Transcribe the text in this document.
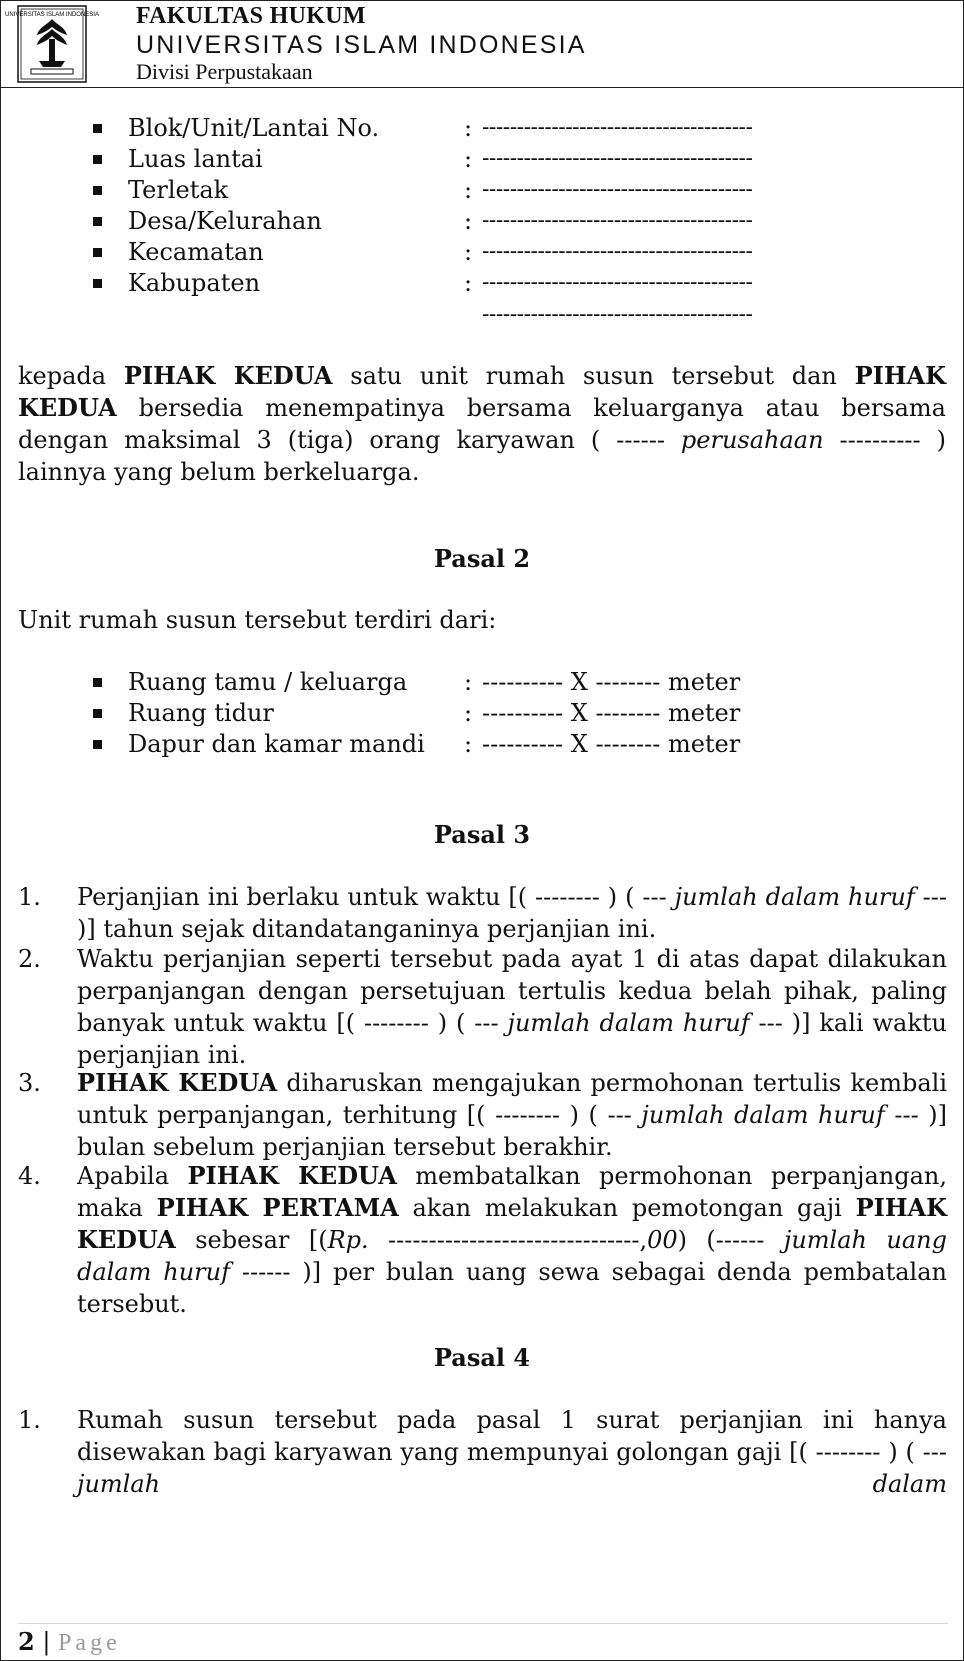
UNIVERSITAS ISLAM INDONESIA FAKULTAS HUKUM
UNIVERSITAS ISLAM INDONESIA
Divisi Perpustakaan
Blok/Unit/Lantai No.	: ---------------------------------------
Luas lantai	: ---------------------------------------
Terletak	: ---------------------------------------
Desa/Kelurahan	: ---------------------------------------
Kecamatan	: ---------------------------------------
Kabupaten	: ---------------------------------------
---------------------------------------
kepada PIHAK KEDUA satu unit rumah susun tersebut dan PIHAK KEDUA bersedia menempatinya bersama keluarganya atau bersama dengan maksimal 3 (tiga) orang karyawan ( ------ perusahaan ---------- ) lainnya yang belum berkeluarga.
Pasal 2
Unit rumah susun tersebut terdiri dari:
Ruang tamu / keluarga : ---------- X -------- meter
Ruang tidur	: ---------- X -------- meter
Dapur dan kamar mandi : ---------- X -------- meter
Pasal 3
1. Perjanjian ini berlaku untuk waktu [( -------- ) ( --- jumlah dalam huruf --- )] tahun sejak ditandatanganinya perjanjian ini.
2. Waktu perjanjian seperti tersebut pada ayat 1 di atas dapat dilakukan perpanjangan dengan persetujuan tertulis kedua belah pihak, paling banyak untuk waktu [( -------- ) ( --- jumlah dalam huruf --- )] kali waktu perjanjian ini.
3. PIHAK KEDUA diharuskan mengajukan permohonan tertulis kembali untuk perpanjangan, terhitung [( -------- ) ( --- jumlah dalam huruf --- )] bulan sebelum perjanjian tersebut berakhir.
4. Apabila PIHAK KEDUA membatalkan permohonan perpanjangan, maka PIHAK PERTAMA akan melakukan pemotongan gaji PIHAK KEDUA sebesar [(Rp. -------------------------------,00) (------ jumlah uang dalam huruf ------ )] per bulan uang sewa sebagai denda pembatalan tersebut.
Pasal 4
1. Rumah susun tersebut pada pasal 1 surat perjanjian ini hanya disewakan bagi karyawan yang mempunyai golongan gaji [( -------- ) ( --- jumlah dalam
2 | Page
